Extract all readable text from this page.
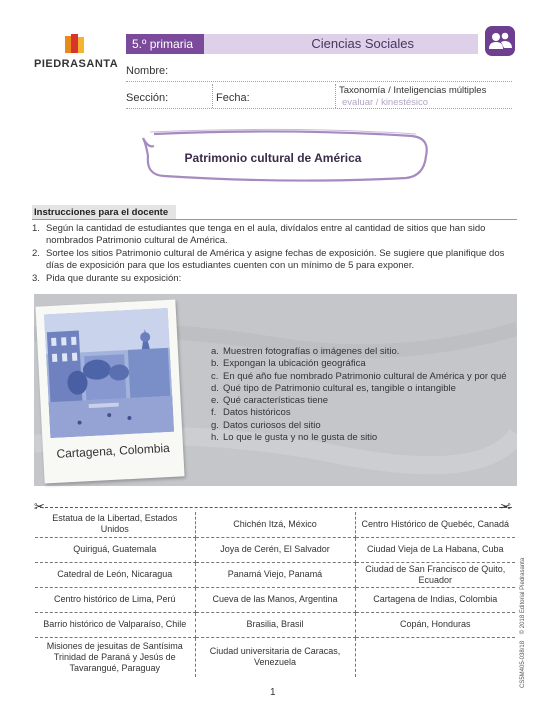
PIEDRASANTA
5.º primaria	Ciencias Sociales
Nombre:
Sección:	Fecha:
Taxonomía / Inteligencias múltiples
evaluar / kinestésico
Patrimonio cultural de América
Instrucciones para el docente
1. Según la cantidad de estudiantes que tenga en el aula, divídalos entre al cantidad de sitios que han sido nombrados Patrimonio cultural de América.
2. Sortee los sitios Patrimonio cultural de América y asigne fechas de exposición. Se sugiere que planifique dos días de exposición para que los estudiantes cuenten con un mínimo de 5 para exponer.
3. Pida que durante su exposición:
Cartagena, Colombia
a. Muestren fotografías o imágenes del sitio.
b. Expongan la ubicación geográfica
c. En qué año fue nombrado Patrimonio cultural de América y por qué
d. Qué tipo de Patrimonio cultural es, tangible o intangible
e. Qué características tiene
f. Datos históricos
g. Datos curiosos del sitio
h. Lo que le gusta y no le gusta de sitio
✂	✂
Estatua de la Libertad, Estados Unidos	Chichén Itzá, México	Centro Histórico de Quebéc, Canadá
Quiriguá, Guatemala	Joya de Cerén, El Salvador	Ciudad Vieja de La Habana, Cuba
Catedral de León, Nicaragua	Panamá Viejo, Panamá	Ciudad de San Francisco de Quito, Ecuador
Centro histórico de Lima, Perú	Cueva de las Manos, Argentina	Cartagena de Indias, Colombia
Barrio histórico de Valparaíso, Chile	Brasilia, Brasil	Copán, Honduras
Misiones de jesuitas de Santísima Trinidad de Paraná y Jesús de Tavarangué, Paraguay	Ciudad universitaria de Caracas, Venezuela		CS5M405-038/18    © 2018 Editorial Piedrasanta
1
